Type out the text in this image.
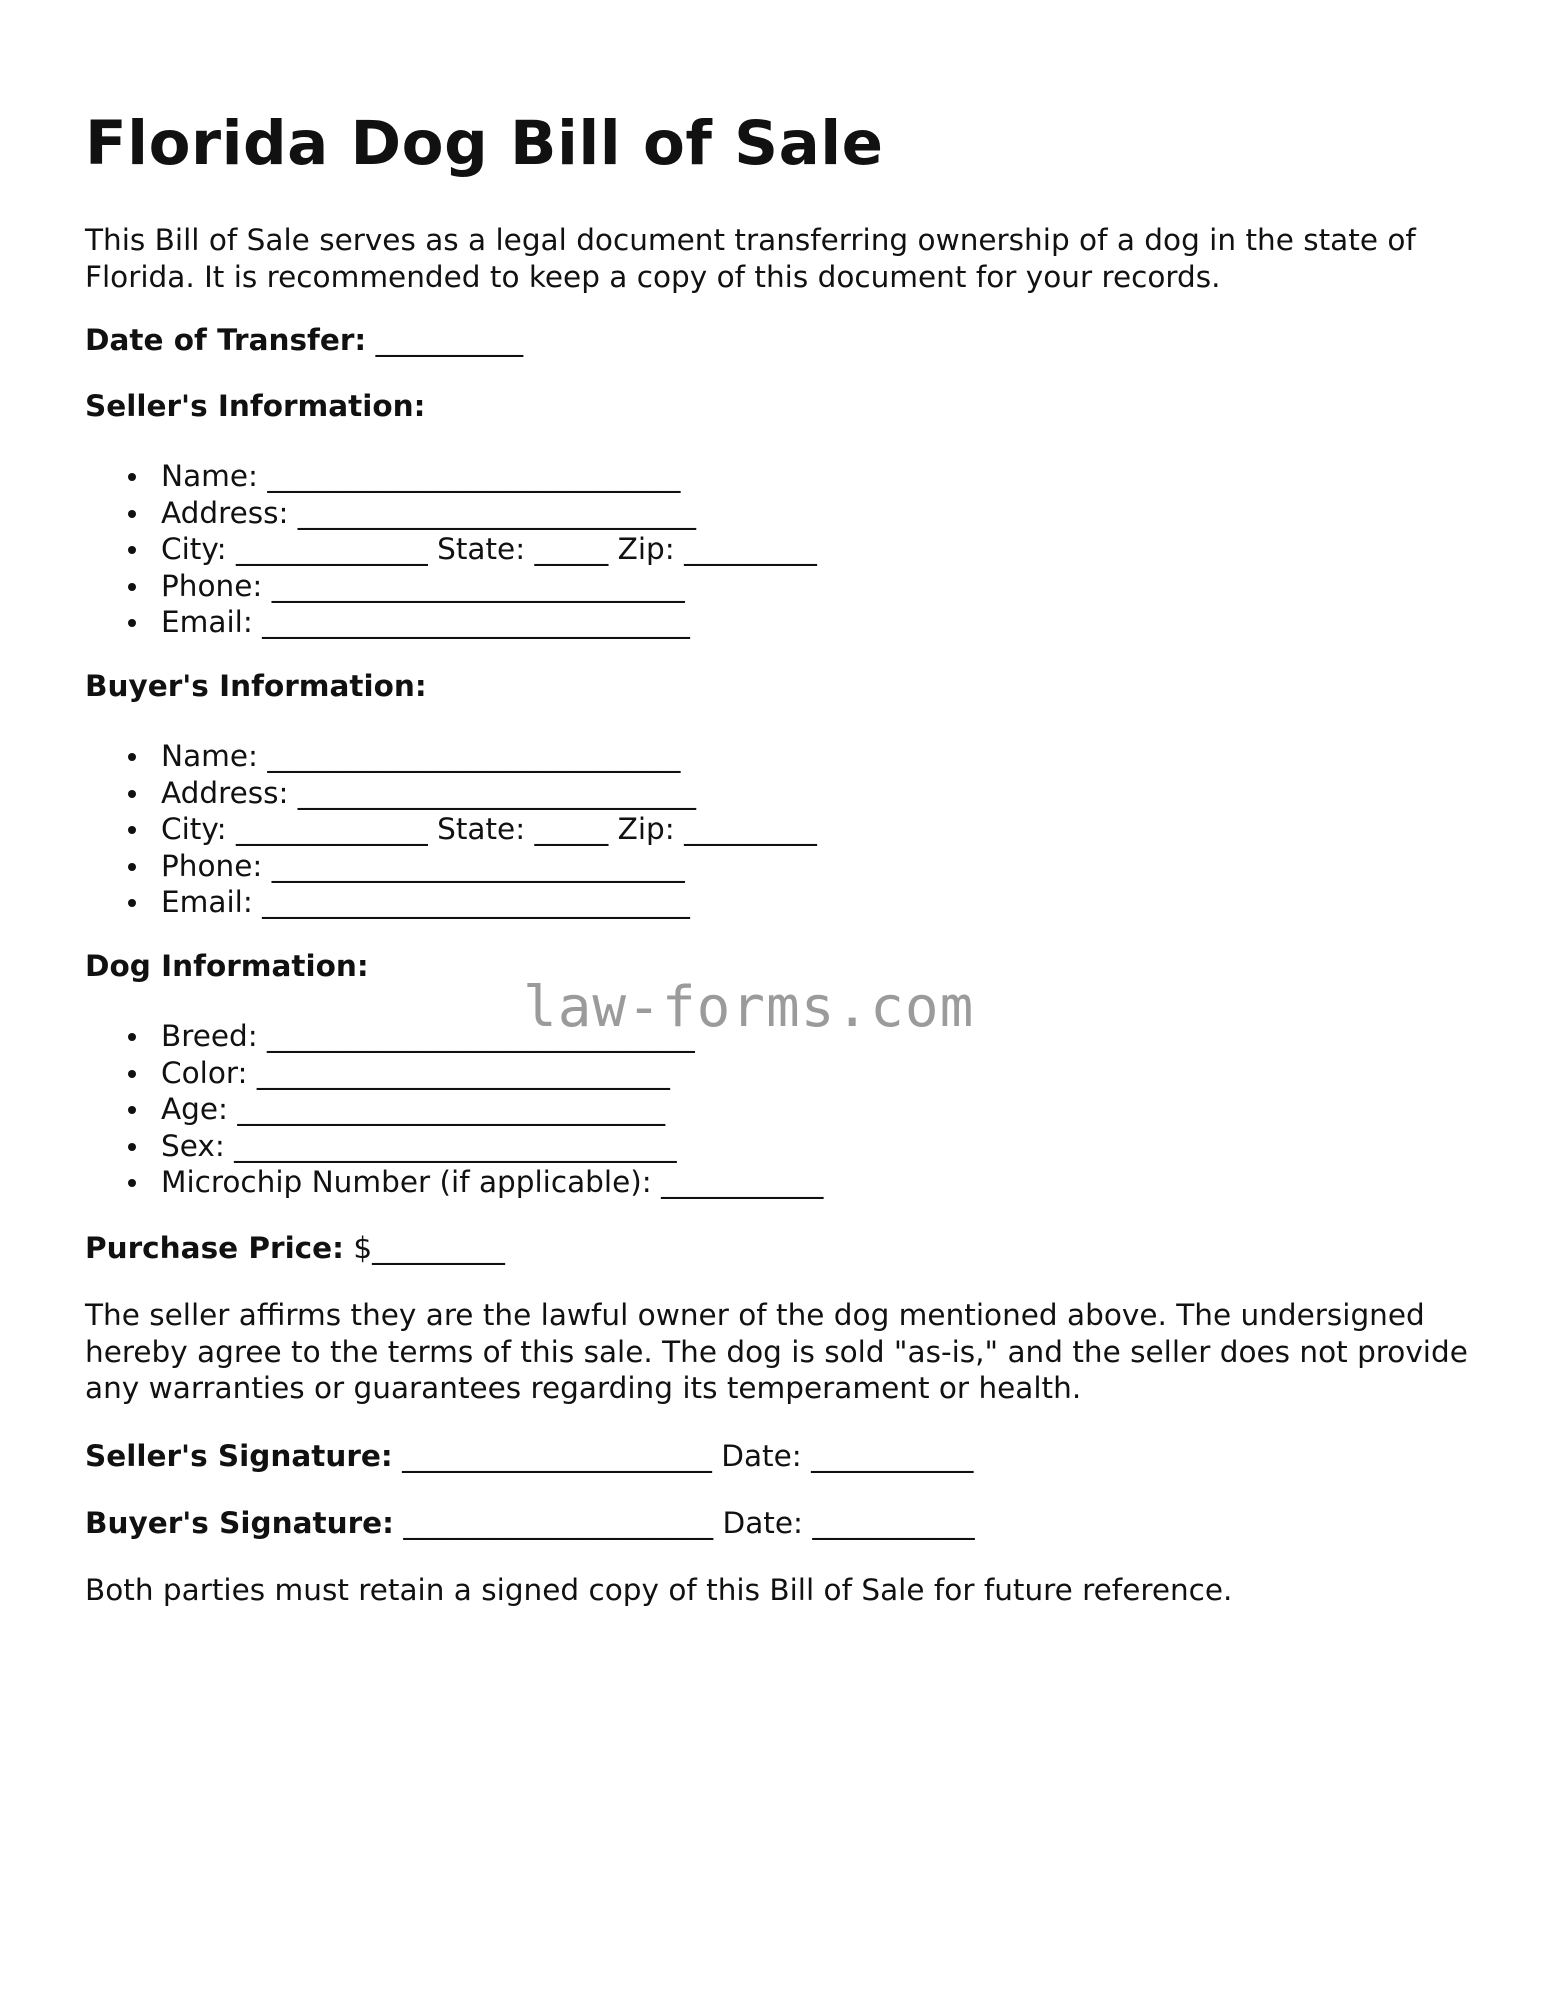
Florida Dog Bill of Sale

This Bill of Sale serves as a legal document transferring ownership of a dog in the state of Florida. It is recommended to keep a copy of this document for your records.

Date of Transfer: __________

Seller's Information:

Name: ____________________________
Address: ___________________________
City: _____________ State: _____ Zip: _________
Phone: ____________________________
Email: _____________________________

Buyer's Information:

Name: ____________________________
Address: ___________________________
City: _____________ State: _____ Zip: _________
Phone: ____________________________
Email: _____________________________

Dog Information:

Breed: _____________________________
Color: ____________________________
Age: _____________________________
Sex: ______________________________
Microchip Number (if applicable): ___________

Purchase Price: $_________

The seller affirms they are the lawful owner of the dog mentioned above. The undersigned hereby agree to the terms of this sale. The dog is sold "as-is," and the seller does not provide any warranties or guarantees regarding its temperament or health.

Seller's Signature: _____________________ Date: ___________

Buyer's Signature: _____________________ Date: ___________

Both parties must retain a signed copy of this Bill of Sale for future reference.

law-forms.com
